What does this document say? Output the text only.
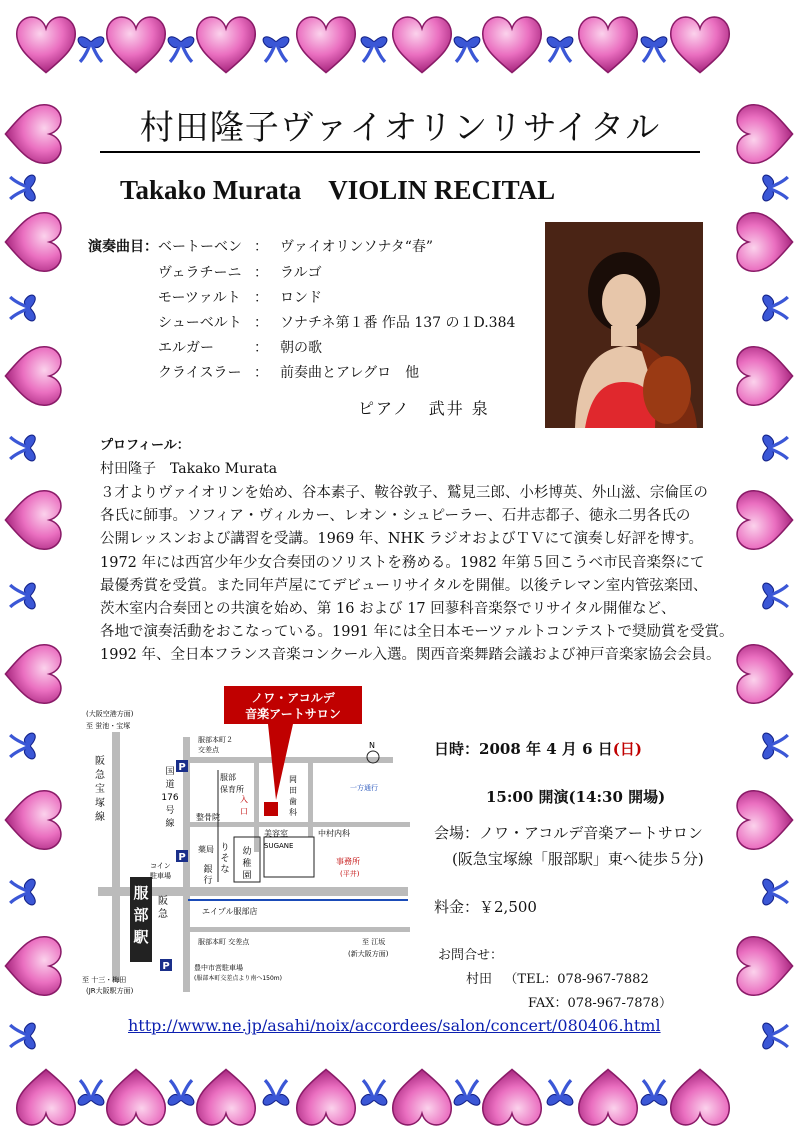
村田隆子ヴァイオリンリサイタル
Takako Murata　VIOLIN RECITAL
演奏曲目： ベートーベン ： ヴァイオリンソナタ“春”
ヴェラチーニ ： ラルゴ
モーツァルト ： ロンド
シューベルト ： ソナチネ第１番 作品 137 の１D.384
エルガー	： 朝の歌
クライスラー ： 前奏曲とアレグロ　他
ピアノ　武井 泉
プロフィール：
村田隆子　Takako Murata
３才よりヴァイオリンを始め、谷本素子、鞍谷敦子、鷲見三郎、小杉博英、外山滋、宗倫匡の
各氏に師事。ソフィア・ヴィルカー、レオン・シュピーラー、石井志都子、徳永二男各氏の
公開レッスンおよび講習を受講。1969 年、NHK ラジオおよびＴＶにて演奏し好評を博す。
1972 年には西宮少年少女合奏団のソリストを務める。1982 年第５回こうべ市民音楽祭にて
最優秀賞を受賞。また同年芦屋にてデビューリサイタルを開催。以後テレマン室内管弦楽団、
茨木室内合奏団との共演を始め、第 16 および 17 回蓼科音楽祭でリサイタル開催など、
各地で演奏活動をおこなっている。1991 年には全日本モーツァルトコンテストで奨励賞を受賞。
1992 年、全日本フランス音楽コンクール入選。関西音楽舞踏会議および神戸音楽家協会会員。
ノワ・アコルデ
音楽アートサロン
(大阪空港方面)
至 蛍池・宝塚
服部本町２
交差点
服部
保育所
整骨院
入
口
一方通行
N
薬局
コイン
駐車場
美容室
SUGANE
中村内科
事務所
(平井)
エイプル服部店
服部本町 交差点	至 江坂
(新大阪方面)
豊中市営駐車場
(服部本町交差点より南へ150m)
至 十三・梅田
(JR大阪駅方面)
阪
急
宝
塚
線
国
道
176
号
線
岡
田
歯
科
り
そ
な
銀
行
幼
稚
園
服
部
駅
阪
急
P
P
P
日時：2008 年 4 月 6 日(日)
15:00 開演(14:30 開場)
会場：ノワ・アコルデ音楽アートサロン
(阪急宝塚線「服部駅」東へ徒歩５分)
料金：￥2,500
お問合せ：
村田 （TEL：078-967-7882
FAX：078-967-7878）
http://www.ne.jp/asahi/noix/accordees/salon/concert/080406.html
